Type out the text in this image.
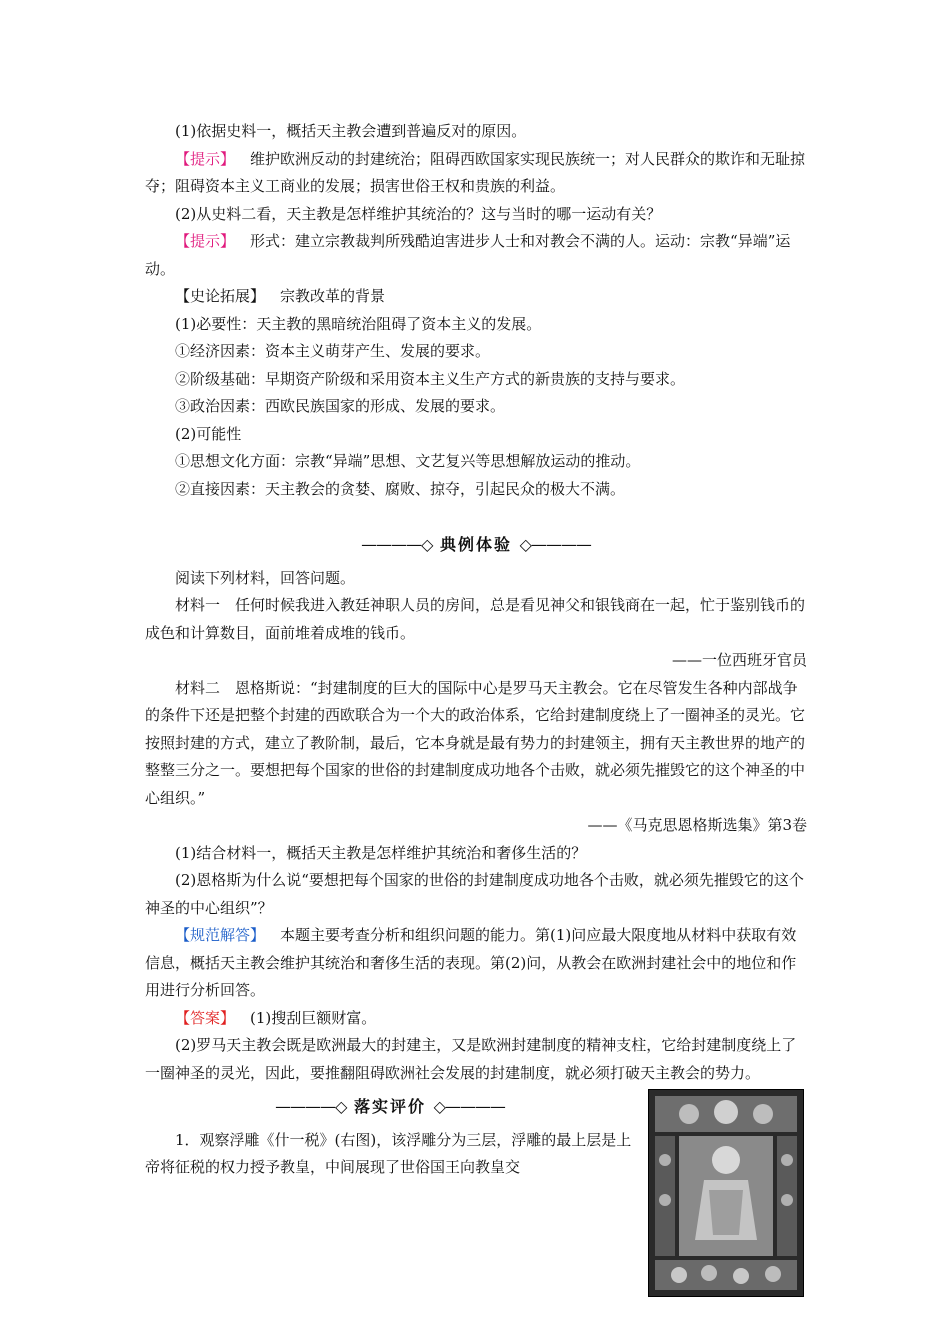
(1)依据史料一，概括天主教会遭到普遍反对的原因。

【提示】 维护欧洲反动的封建统治；阻碍西欧国家实现民族统一；对人民群众的欺诈和无耻掠夺；阻碍资本主义工商业的发展；损害世俗王权和贵族的利益。

(2)从史料二看，天主教是怎样维护其统治的？这与当时的哪一运动有关？

【提示】 形式：建立宗教裁判所残酷迫害进步人士和对教会不满的人。运动：宗教“异端”运动。

【史论拓展】 宗教改革的背景

(1)必要性：天主教的黑暗统治阻碍了资本主义的发展。

①经济因素：资本主义萌芽产生、发展的要求。

②阶级基础：早期资产阶级和采用资本主义生产方式的新贵族的支持与要求。

③政治因素：西欧民族国家的形成、发展的要求。

(2)可能性

①思想文化方面：宗教“异端”思想、文艺复兴等思想解放运动的推动。

②直接因素：天主教会的贪婪、腐败、掠夺，引起民众的极大不满。

————◇ 典例体验 ◇————

阅读下列材料，回答问题。

材料一　任何时候我进入教廷神职人员的房间，总是看见神父和银钱商在一起，忙于鉴别钱币的成色和计算数目，面前堆着成堆的钱币。

——一位西班牙官员

材料二　恩格斯说：“封建制度的巨大的国际中心是罗马天主教会。它在尽管发生各种内部战争的条件下还是把整个封建的西欧联合为一个大的政治体系，它给封建制度绕上了一圈神圣的灵光。它按照封建的方式，建立了教阶制，最后，它本身就是最有势力的封建领主，拥有天主教世界的地产的整整三分之一。要想把每个国家的世俗的封建制度成功地各个击败，就必须先摧毁它的这个神圣的中心组织。”

——《马克思恩格斯选集》第3卷

(1)结合材料一，概括天主教是怎样维护其统治和奢侈生活的？

(2)恩格斯为什么说“要想把每个国家的世俗的封建制度成功地各个击败，就必须先摧毁它的这个神圣的中心组织”？

【规范解答】 本题主要考查分析和组织问题的能力。第(1)问应最大限度地从材料中获取有效信息，概括天主教会维护其统治和奢侈生活的表现。第(2)问，从教会在欧洲封建社会中的地位和作用进行分析回答。

【答案】 (1)搜刮巨额财富。

(2)罗马天主教会既是欧洲最大的封建主，又是欧洲封建制度的精神支柱，它给封建制度绕上了一圈神圣的灵光，因此，要推翻阻碍欧洲社会发展的封建制度，就必须打破天主教会的势力。

————◇ 落实评价 ◇————

1．观察浮雕《什一税》(右图)，该浮雕分为三层，浮雕的最上层是上帝将征税的权力授予教皇，中间展现了世俗国王向教皇交
